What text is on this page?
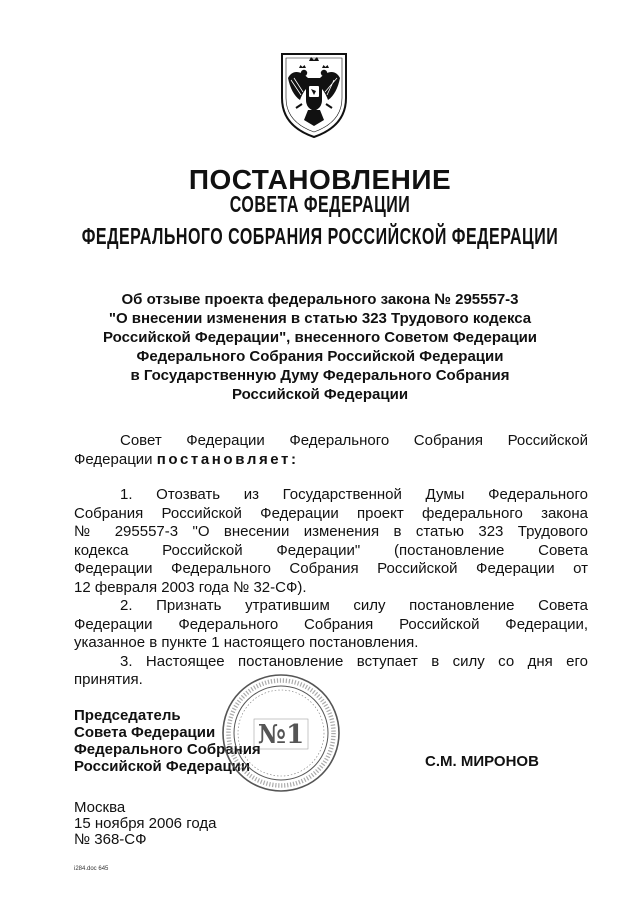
ПОСТАНОВЛЕНИЕ
СОВЕТА ФЕДЕРАЦИИ
ФЕДЕРАЛЬНОГО СОБРАНИЯ РОССИЙСКОЙ ФЕДЕРАЦИИ
Об отзыве проекта федерального закона № 295557-3
"О внесении изменения в статью 323 Трудового кодекса
Российской Федерации", внесенного Советом Федерации
Федерального Собрания Российской Федерации
в Государственную Думу Федерального Собрания
Российской Федерации
Совет Федерации Федерального Собрания Российской
Федерации постановляет:
1. Отозвать из Государственной Думы Федерального
Собрания Российской Федерации проект федерального закона
№ 295557-3 "О внесении изменения в статью 323 Трудового
кодекса Российской Федерации" (постановление Совета
Федерации Федерального Собрания Российской Федерации от
12 февраля 2003 года № 32-СФ).
2. Признать утратившим силу постановление Совета
Федерации Федерального Собрания Российской Федерации,
указанное в пункте 1 настоящего постановления.
3. Настоящее постановление вступает в силу со дня его
принятия.
Председатель
Совета Федерации
Федерального Собрания
Российской Федерации
№1
С.М. МИРОНОВ
Москва
15 ноября 2006 года
№ 368-СФ
i284.doc 645
